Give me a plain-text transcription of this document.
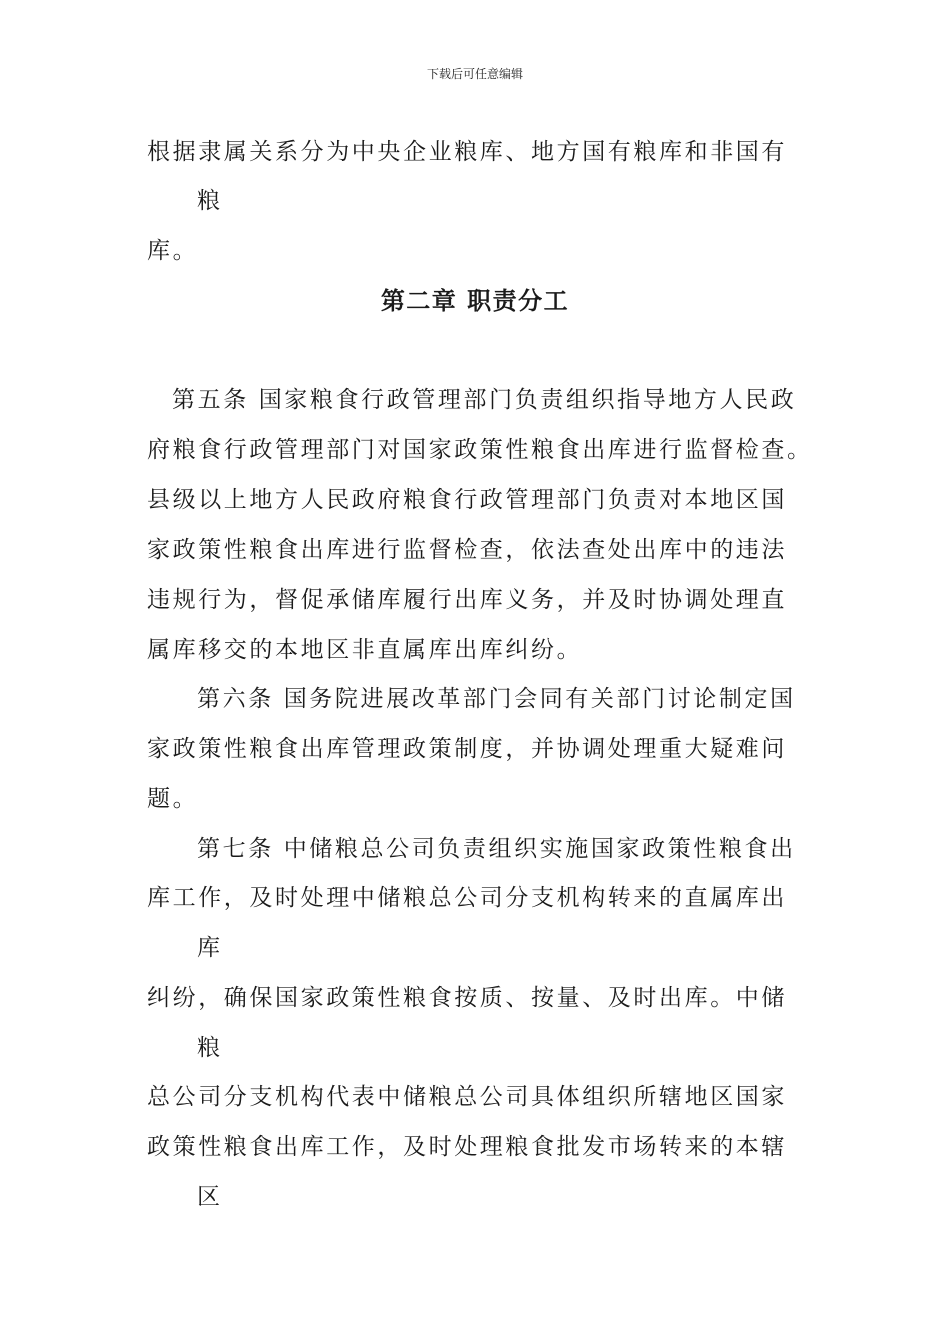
下载后可任意编辑
根据隶属关系分为中央企业粮库、地方国有粮库和非国有
粮
库。
第二章 职责分工
第五条 国家粮食行政管理部门负责组织指导地方人民政
府粮食行政管理部门对国家政策性粮食出库进行监督检查。
县级以上地方人民政府粮食行政管理部门负责对本地区国
家政策性粮食出库进行监督检查，依法查处出库中的违法
违规行为，督促承储库履行出库义务，并及时协调处理直
属库移交的本地区非直属库出库纠纷。
第六条 国务院进展改革部门会同有关部门讨论制定国
家政策性粮食出库管理政策制度，并协调处理重大疑难问
题。
第七条 中储粮总公司负责组织实施国家政策性粮食出
库工作，及时处理中储粮总公司分支机构转来的直属库出
库
纠纷，确保国家政策性粮食按质、按量、及时出库。中储
粮
总公司分支机构代表中储粮总公司具体组织所辖地区国家
政策性粮食出库工作，及时处理粮食批发市场转来的本辖
区
